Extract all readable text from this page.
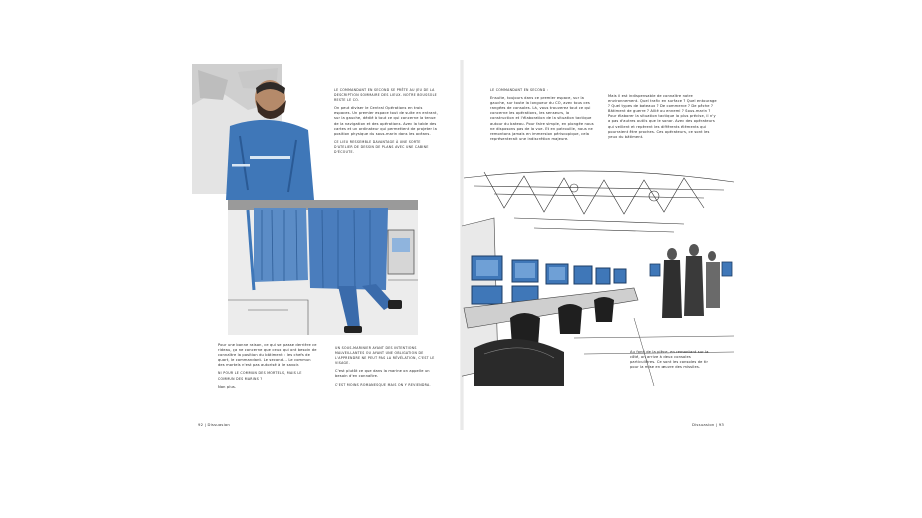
LE COMMANDANT EN SECOND SE PRÊTE AU JEU DE LA DESCRIPTION SOMMAIRE DES LIEUX. NOTRE BOUSSOLE RESTE LE CO.

On peut diviser le Central Opérations en trois espaces. Un premier espace tout de suite en entrant, sur la gauche, dédié à tout ce qui concerne la tenue de la navigation et des opérations. Avec la table des cartes et un ordinateur qui permettent de projeter la position physique du sous-marin dans les océans.

CE LIEU RESSEMBLE DAVANTAGE À UNE SORTE D'ATELIER DE DESSIN DE PLANS AVEC UNE CABINE D'ÉCOUTE.

Pour une bonne raison, ce qui se passe derrière ce rideau, ça ne concerne que ceux qui ont besoin de connaître la position du bâtiment : les chefs de quart, le commandant. Le second... Le commun des mortels n'est pas autorisé à le savoir.

NI POUR LE COMMUN DES MORTELS, MAIS LE COMMUN DES MARINS ?

Non plus.

UN SOUS-MARINIER AYANT DES INTENTIONS MALVEILLANTES OU AYANT UNE OBLIGATION DE L'APPRENDRE NE PEUT PAS LA RÉVÉLATION, C'EST LE VISAGE.

C'est plutôt ce que dans la marine on appelle un besoin d'en connaître.

C'EST MOINS ROMANESQUE MAIS ON Y REVIENDRA.

92 | Dissuasion

LE COMMANDANT EN SECOND :

Ensuite, toujours dans ce premier espace, sur la gauche, sur toute la longueur du CO, avec tous ces rangées de consoles. Là, vous trouverez tout ce qui concerne les opérations, les senseurs, la construction et l'élaboration de la situation tactique autour du bateau. Pour faire simple, en plongée nous ne disposons pas de la vue. Et en patrouille, nous ne remontons jamais en immersion périscopique, cela représenterait une indiscrétion majeure.

Mais il est indispensable de connaître notre environnement. Quel trafic en surface ? Quel entourage ? Quel types de bateaux ? De commerce ? De pêche ? Bâtiment de guerre ? Allié ou ennemi ? Sous-marin ? Pour élaborer la situation tactique la plus précise, il n'y a pas d'autres outils que le sonar. Avec des opérateurs qui veillent et repèrent les différents éléments qui pourraient être proches. Ces opérateurs, ce sont les yeux du bâtiment.

Au fond de la pièce, en remontant sur la côté, on arrive à deux consoles particulières. Ce sont les consoles de tir pour la mise en œuvre des missiles.

Dissuasion | 93
